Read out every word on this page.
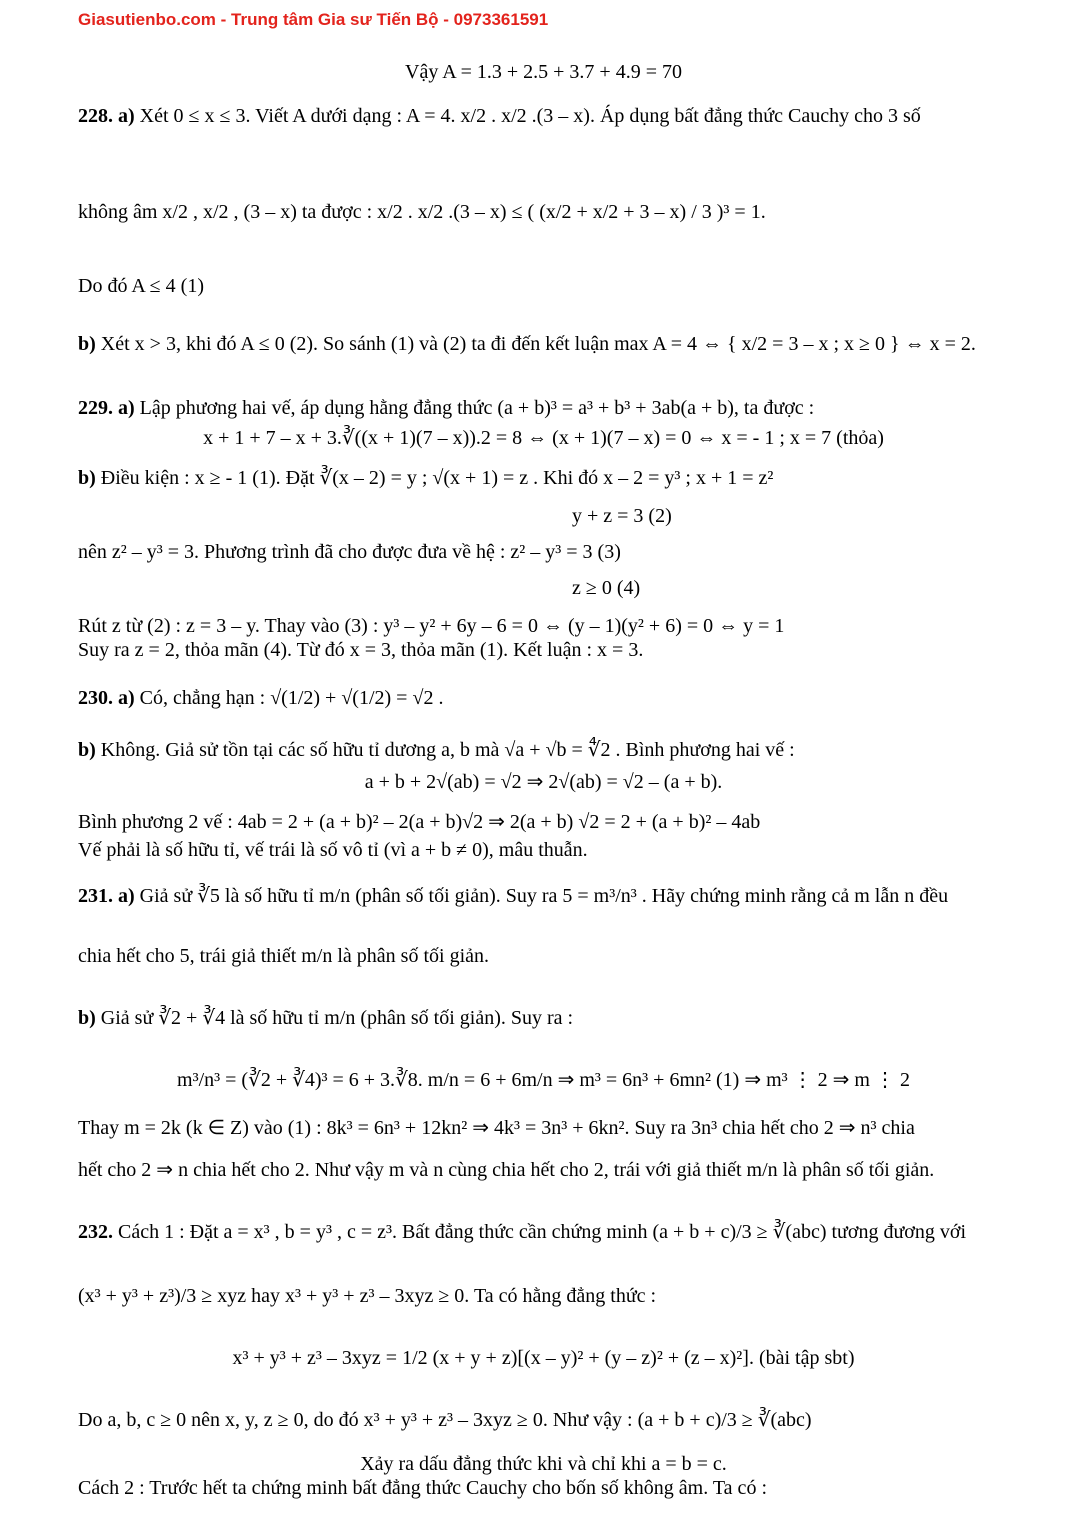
Giasutienbo.com - Trung tâm Gia sư Tiến Bộ - 0973361591
Vậy A = 1.3 + 2.5 + 3.7 + 4.9 = 70
228. a) Xét 0 ≤ x ≤ 3. Viết A dưới dạng : A = 4. x/2 . x/2 .(3 – x). Áp dụng bất đẳng thức Cauchy cho 3 số
không âm x/2 , x/2 , (3 – x) ta được : x/2 . x/2 .(3 – x) ≤ ( (x/2 + x/2 + 3 – x) / 3 )³ = 1.
Do đó A ≤ 4 (1)
b) Xét x > 3, khi đó A ≤ 0 (2). So sánh (1) và (2) ta đi đến kết luận max A = 4 ⇔ { x/2 = 3 – x ; x ≥ 0 } ⇔ x = 2.
229. a) Lập phương hai vế, áp dụng hằng đẳng thức (a + b)³ = a³ + b³ + 3ab(a + b), ta được :
x + 1 + 7 – x + 3.∛((x + 1)(7 – x)).2 = 8 ⇔ (x + 1)(7 – x) = 0 ⇔ x = - 1 ; x = 7 (thỏa)
b) Điều kiện : x ≥ - 1 (1). Đặt ∛(x – 2) = y ; √(x + 1) = z . Khi đó x – 2 = y³ ; x + 1 = z²
y + z = 3 (2)
nên z² – y³ = 3. Phương trình đã cho được đưa về hệ : z² – y³ = 3 (3)
z ≥ 0 (4)
Rút z từ (2) : z = 3 – y. Thay vào (3) : y³ – y² + 6y – 6 = 0 ⇔ (y – 1)(y² + 6) = 0 ⇔ y = 1
Suy ra z = 2, thỏa mãn (4). Từ đó x = 3, thỏa mãn (1). Kết luận : x = 3.
230. a) Có, chẳng hạn : √(1/2) + √(1/2) = √2 .
b) Không. Giả sử tồn tại các số hữu tỉ dương a, b mà √a + √b = ∜2 . Bình phương hai vế :
a + b + 2√(ab) = √2 ⇒ 2√(ab) = √2 – (a + b).
Bình phương 2 vế : 4ab = 2 + (a + b)² – 2(a + b)√2 ⇒ 2(a + b) √2 = 2 + (a + b)² – 4ab
Vế phải là số hữu tỉ, vế trái là số vô tỉ (vì a + b ≠ 0), mâu thuẫn.
231. a) Giả sử ∛5 là số hữu tỉ m/n (phân số tối giản). Suy ra 5 = m³/n³ . Hãy chứng minh rằng cả m lẫn n đều
chia hết cho 5, trái giả thiết m/n là phân số tối giản.
b) Giả sử ∛2 + ∛4 là số hữu tỉ m/n (phân số tối giản). Suy ra :
m³/n³ = (∛2 + ∛4)³ = 6 + 3.∛8. m/n = 6 + 6m/n ⇒ m³ = 6n³ + 6mn² (1) ⇒ m³ ⋮ 2 ⇒ m ⋮ 2
Thay m = 2k (k ∈ Z) vào (1) : 8k³ = 6n³ + 12kn² ⇒ 4k³ = 3n³ + 6kn². Suy ra 3n³ chia hết cho 2 ⇒ n³ chia
hết cho 2 ⇒ n chia hết cho 2. Như vậy m và n cùng chia hết cho 2, trái với giả thiết m/n là phân số tối giản.
232. Cách 1 : Đặt a = x³ , b = y³ , c = z³. Bất đẳng thức cần chứng minh (a + b + c)/3 ≥ ∛(abc) tương đương với
(x³ + y³ + z³)/3 ≥ xyz hay x³ + y³ + z³ – 3xyz ≥ 0. Ta có hằng đẳng thức :
x³ + y³ + z³ – 3xyz = 1/2 (x + y + z)[(x – y)² + (y – z)² + (z – x)²]. (bài tập sbt)
Do a, b, c ≥ 0 nên x, y, z ≥ 0, do đó x³ + y³ + z³ – 3xyz ≥ 0. Như vậy : (a + b + c)/3 ≥ ∛(abc)
Xảy ra dấu đẳng thức khi và chỉ khi a = b = c.
Cách 2 : Trước hết ta chứng minh bất đẳng thức Cauchy cho bốn số không âm. Ta có :
